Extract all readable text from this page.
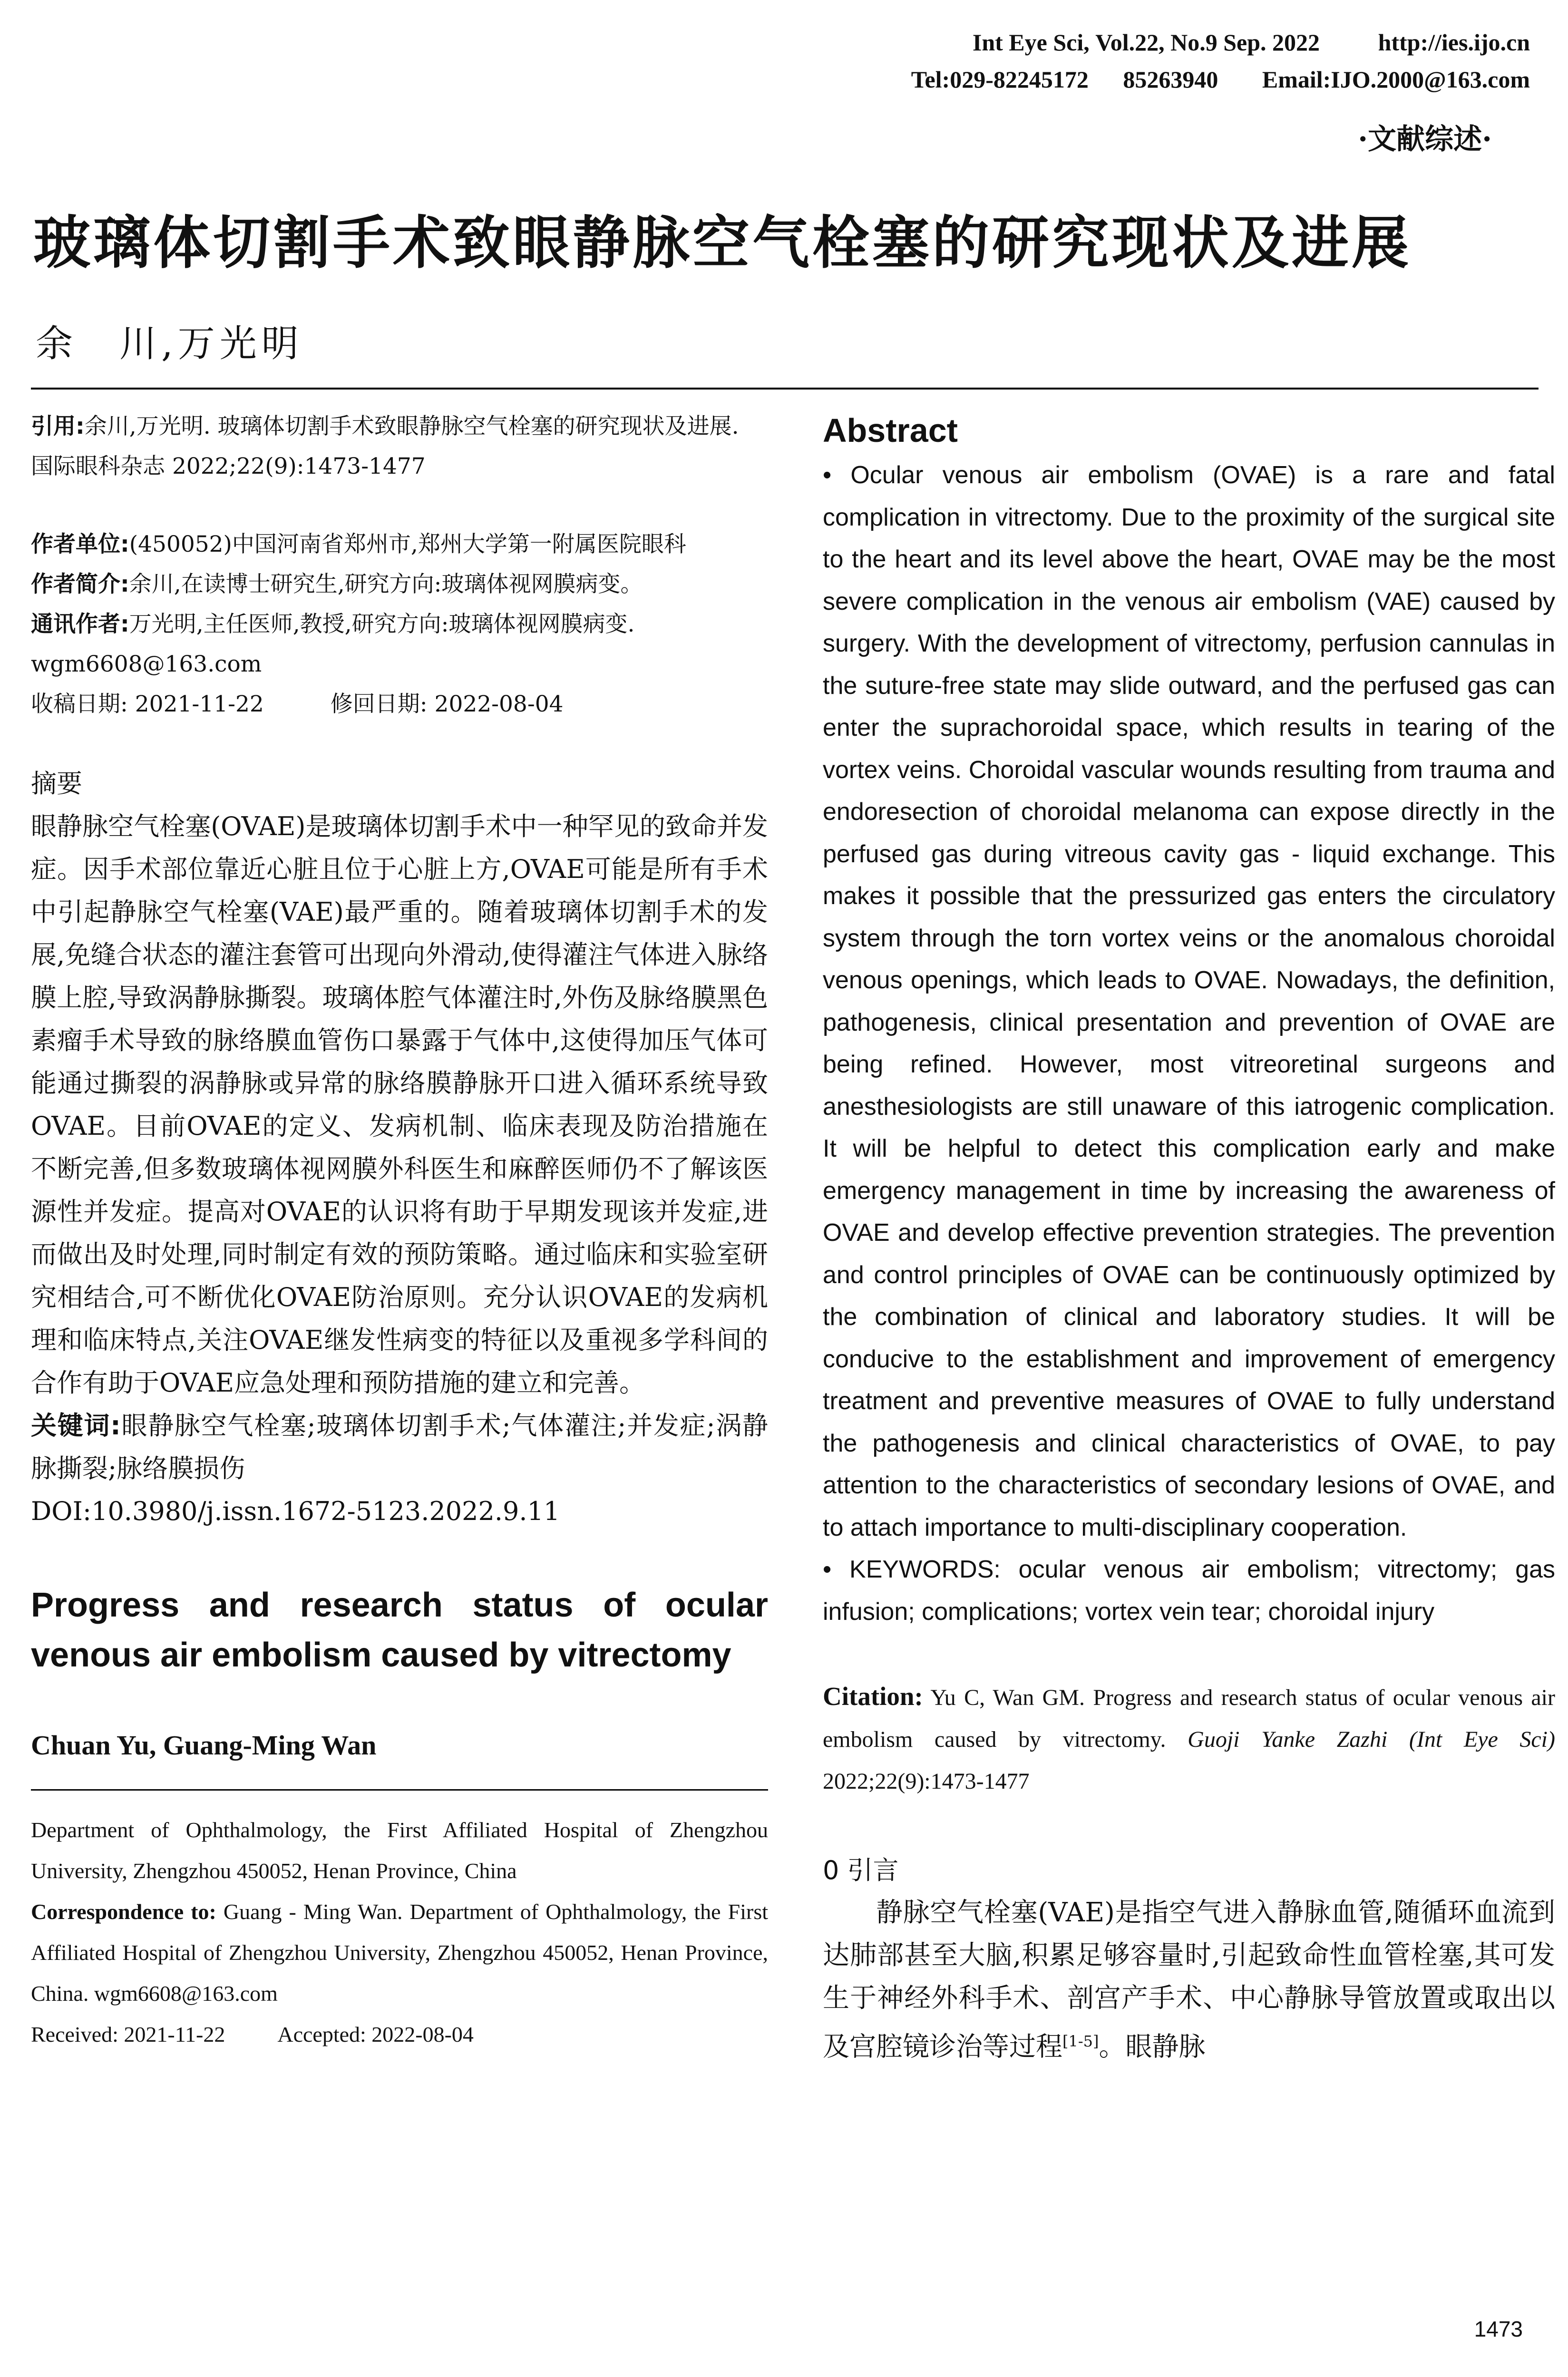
Int Eye Sci, Vol.22, No.9 Sep. 2022 http://ies.ijo.cn
Tel:029-82245172 85263940 Email:IJO.2000@163.com
·文献综述·
玻璃体切割手术致眼静脉空气栓塞的研究现状及进展
余　川,万光明

引用:余川,万光明. 玻璃体切割手术致眼静脉空气栓塞的研究现状及进展. 国际眼科杂志 2022;22(9):1473-1477

作者单位:(450052)中国河南省郑州市,郑州大学第一附属医院眼科

作者简介:余川,在读博士研究生,研究方向:玻璃体视网膜病变。

通讯作者:万光明,主任医师,教授,研究方向:玻璃体视网膜病变. wgm6608@163.com

收稿日期: 2021-11-22	修回日期: 2022-08-04

摘要
眼静脉空气栓塞(OVAE)是玻璃体切割手术中一种罕见的致命并发症。因手术部位靠近心脏且位于心脏上方,OVAE可能是所有手术中引起静脉空气栓塞(VAE)最严重的。随着玻璃体切割手术的发展,免缝合状态的灌注套管可出现向外滑动,使得灌注气体进入脉络膜上腔,导致涡静脉撕裂。玻璃体腔气体灌注时,外伤及脉络膜黑色素瘤手术导致的脉络膜血管伤口暴露于气体中,这使得加压气体可能通过撕裂的涡静脉或异常的脉络膜静脉开口进入循环系统导致OVAE。目前OVAE的定义、发病机制、临床表现及防治措施在不断完善,但多数玻璃体视网膜外科医生和麻醉医师仍不了解该医源性并发症。提高对OVAE的认识将有助于早期发现该并发症,进而做出及时处理,同时制定有效的预防策略。通过临床和实验室研究相结合,可不断优化OVAE防治原则。充分认识OVAE的发病机理和临床特点,关注OVAE继发性病变的特征以及重视多学科间的合作有助于OVAE应急处理和预防措施的建立和完善。
关键词:眼静脉空气栓塞;玻璃体切割手术;气体灌注;并发症;涡静脉撕裂;脉络膜损伤
DOI:10.3980/j.issn.1672-5123.2022.9.11
Progress and research status of ocular venous air embolism caused by vitrectomy
Chuan Yu, Guang-Ming Wan
Department of Ophthalmology, the First Affiliated Hospital of Zhengzhou University, Zhengzhou 450052, Henan Province, China
Correspondence to: Guang - Ming Wan. Department of Ophthalmology, the First Affiliated Hospital of Zhengzhou University, Zhengzhou 450052, Henan Province, China. wgm6608@163.com
Received: 2021-11-22 Accepted: 2022-08-04
Abstract

• Ocular venous air embolism (OVAE) is a rare and fatal complication in vitrectomy. Due to the proximity of the surgical site to the heart and its level above the heart, OVAE may be the most severe complication in the venous air embolism (VAE) caused by surgery. With the development of vitrectomy, perfusion cannulas in the suture-free state may slide outward, and the perfused gas can enter the suprachoroidal space, which results in tearing of the vortex veins. Choroidal vascular wounds resulting from trauma and endoresection of choroidal melanoma can expose directly in the perfused gas during vitreous cavity gas - liquid exchange. This makes it possible that the pressurized gas enters the circulatory system through the torn vortex veins or the anomalous choroidal venous openings, which leads to OVAE. Nowadays, the definition, pathogenesis, clinical presentation and prevention of OVAE are being refined. However, most vitreoretinal surgeons and anesthesiologists are still unaware of this iatrogenic complication. It will be helpful to detect this complication early and make emergency management in time by increasing the awareness of OVAE and develop effective prevention strategies. The prevention and control principles of OVAE can be continuously optimized by the combination of clinical and laboratory studies. It will be conducive to the establishment and improvement of emergency treatment and preventive measures of OVAE to fully understand the pathogenesis and clinical characteristics of OVAE, to pay attention to the characteristics of secondary lesions of OVAE, and to attach importance to multi-disciplinary cooperation.

• KEYWORDS: ocular venous air embolism; vitrectomy; gas infusion; complications; vortex vein tear; choroidal injury

Citation: Yu C, Wan GM. Progress and research status of ocular venous air embolism caused by vitrectomy. Guoji Yanke Zazhi (Int Eye Sci) 2022;22(9):1473-1477
0 引言
静脉空气栓塞(VAE)是指空气进入静脉血管,随循环血流到达肺部甚至大脑,积累足够容量时,引起致命性血管栓塞,其可发生于神经外科手术、剖宫产手术、中心静脉导管放置或取出以及宫腔镜诊治等过程[1-5]。眼静脉
1473
